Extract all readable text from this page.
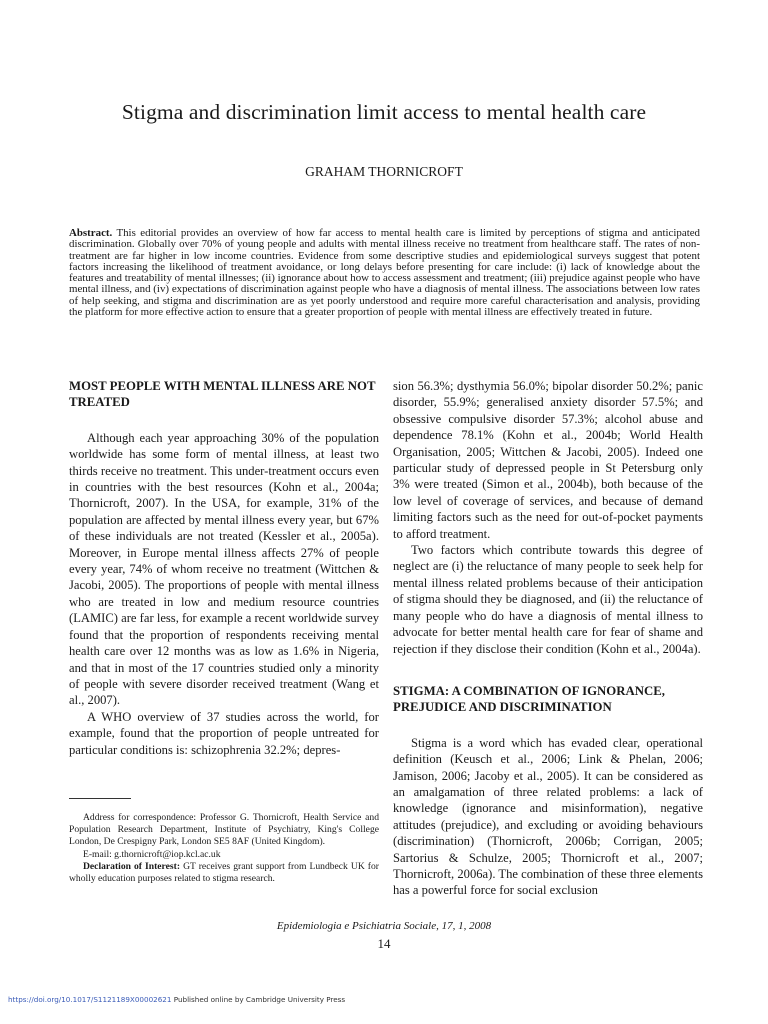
Stigma and discrimination limit access to mental health care
GRAHAM THORNICROFT
Abstract. This editorial provides an overview of how far access to mental health care is limited by perceptions of stigma and anticipated discrimination. Globally over 70% of young people and adults with mental illness receive no treatment from healthcare staff. The rates of non-treatment are far higher in low income countries. Evidence from some descriptive studies and epidemiological surveys suggest that potent factors increasing the likelihood of treatment avoidance, or long delays before presenting for care include: (i) lack of knowledge about the features and treatability of mental illnesses; (ii) ignorance about how to access assessment and treatment; (iii) prejudice against people who have mental illness, and (iv) expectations of discrimination against people who have a diagnosis of mental illness. The associations between low rates of help seeking, and stigma and discrimination are as yet poorly understood and require more careful characterisation and analysis, providing the platform for more effective action to ensure that a greater proportion of people with mental illness are effectively treated in future.
MOST PEOPLE WITH MENTAL ILLNESS ARE NOT TREATED

Although each year approaching 30% of the population worldwide has some form of mental illness, at least two thirds receive no treatment. This under-treatment occurs even in countries with the best resources (Kohn et al., 2004a; Thornicroft, 2007). In the USA, for example, 31% of the population are affected by mental illness every year, but 67% of these individuals are not treated (Kessler et al., 2005a). Moreover, in Europe mental illness affects 27% of people every year, 74% of whom receive no treatment (Wittchen & Jacobi, 2005). The proportions of people with mental illness who are treated in low and medium resource countries (LAMIC) are far less, for example a recent worldwide survey found that the proportion of respondents receiving mental health care over 12 months was as low as 1.6% in Nigeria, and that in most of the 17 countries studied only a minority of people with severe disorder received treatment (Wang et al., 2007).

A WHO overview of 37 studies across the world, for example, found that the proportion of people untreated for particular conditions is: schizophrenia 32.2%; depres-

sion 56.3%; dysthymia 56.0%; bipolar disorder 50.2%; panic disorder, 55.9%; generalised anxiety disorder 57.5%; and obsessive compulsive disorder 57.3%; alcohol abuse and dependence 78.1% (Kohn et al., 2004b; World Health Organisation, 2005; Wittchen & Jacobi, 2005). Indeed one particular study of depressed people in St Petersburg only 3% were treated (Simon et al., 2004b), both because of the low level of coverage of services, and because of demand limiting factors such as the need for out-of-pocket payments to afford treatment.

Two factors which contribute towards this degree of neglect are (i) the reluctance of many people to seek help for mental illness related problems because of their anticipation of stigma should they be diagnosed, and (ii) the reluctance of many people who do have a diagnosis of mental illness to advocate for better mental health care for fear of shame and rejection if they disclose their condition (Kohn et al., 2004a).

STIGMA: A COMBINATION OF IGNORANCE, PREJUDICE AND DISCRIMINATION

Stigma is a word which has evaded clear, operational definition (Keusch et al., 2006; Link & Phelan, 2006; Jamison, 2006; Jacoby et al., 2005). It can be considered as an amalgamation of three related problems: a lack of knowledge (ignorance and misinformation), negative attitudes (prejudice), and excluding or avoiding behaviours (discrimination) (Thornicroft, 2006b; Corrigan, 2005; Sartorius & Schulze, 2005; Thornicroft et al., 2007; Thornicroft, 2006a). The combination of these three elements has a powerful force for social exclusion

Address for correspondence: Professor G. Thornicroft, Health Service and Population Research Department, Institute of Psychiatry, King's College London, De Crespigny Park, London SE5 8AF (United Kingdom).

E-mail: g.thornicroft@iop.kcl.ac.uk

Declaration of Interest: GT receives grant support from Lundbeck UK for wholly education purposes related to stigma research.

Epidemiologia e Psichiatria Sociale, 17, 1, 2008
14
https://doi.org/10.1017/S1121189X00002621 Published online by Cambridge University Press
